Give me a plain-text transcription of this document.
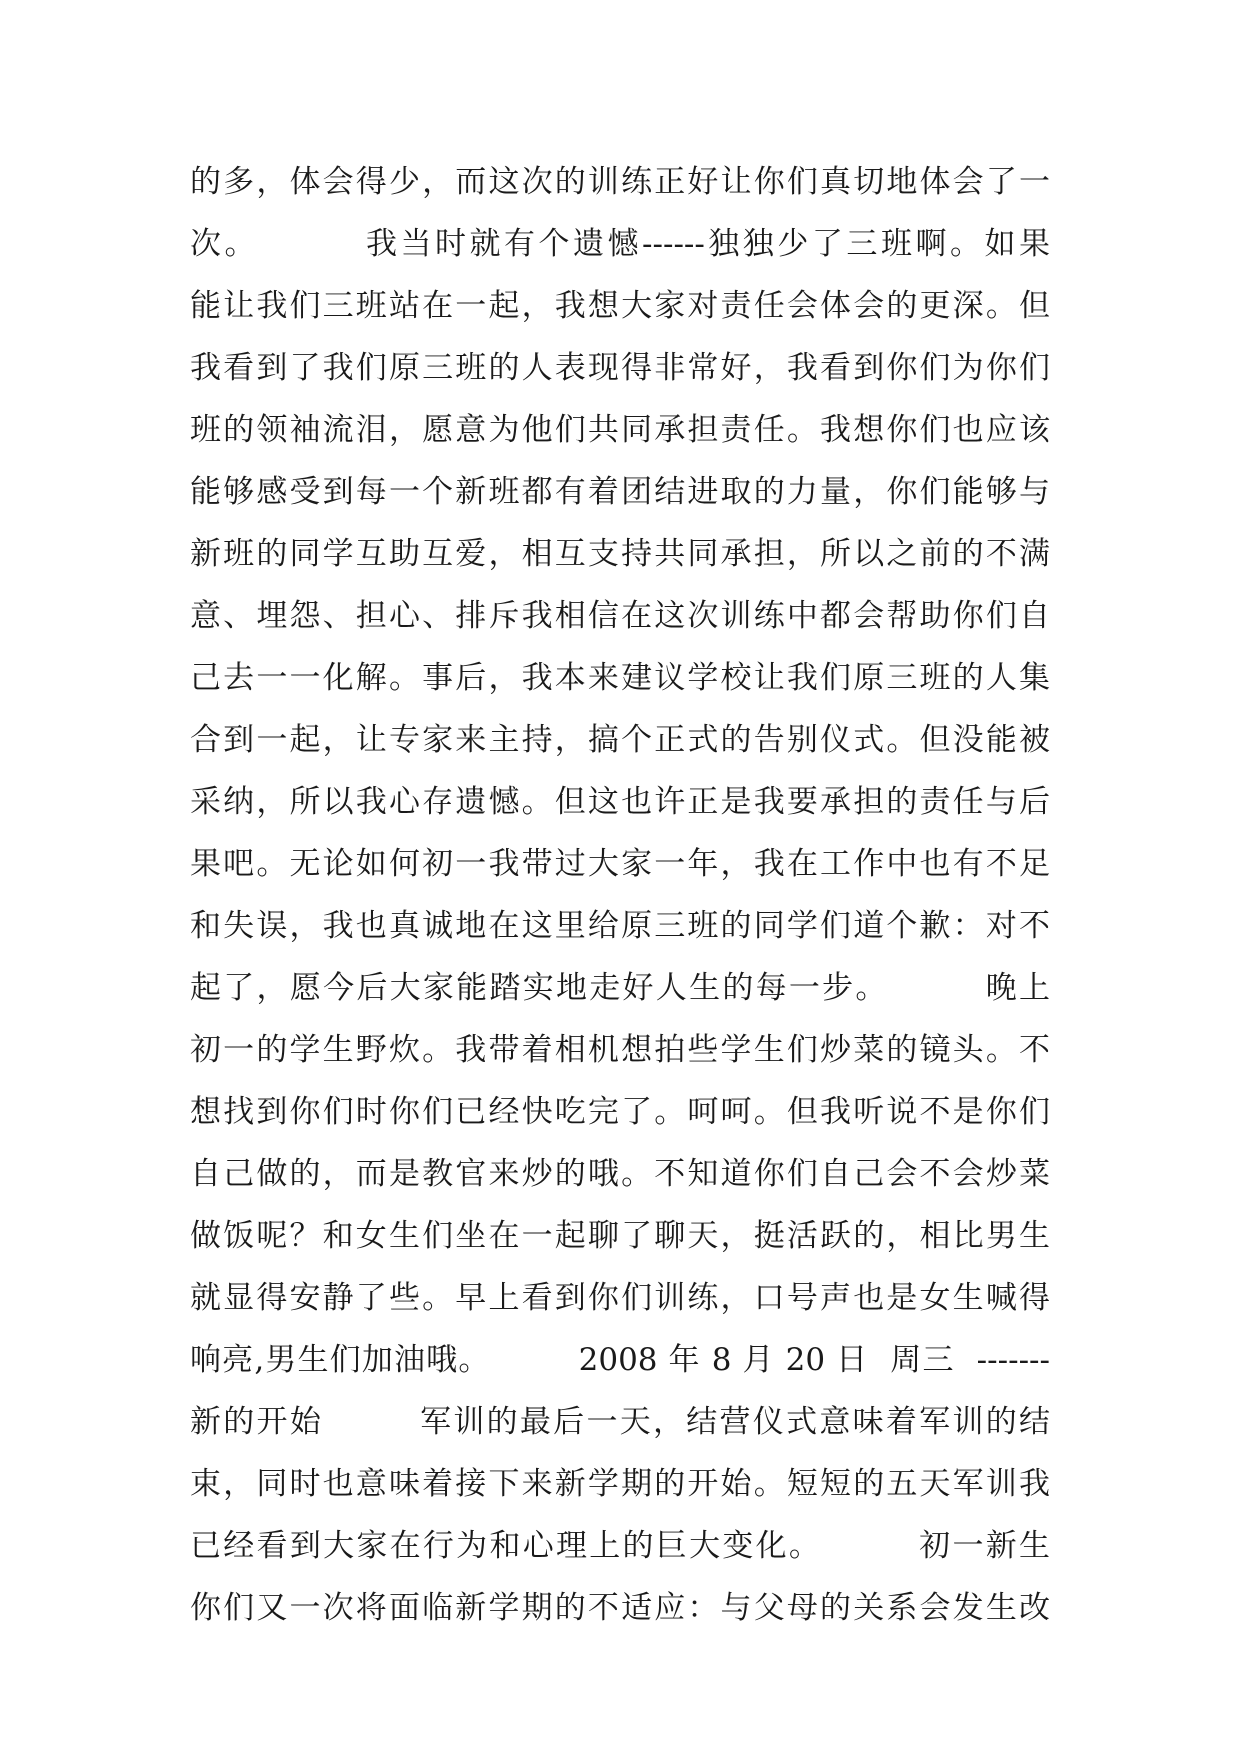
的多，体会得少，而这次的训练正好让你们真切地体会了一
次。        我当时就有个遗憾------独独少了三班啊。如果
能让我们三班站在一起，我想大家对责任会体会的更深。但
我看到了我们原三班的人表现得非常好，我看到你们为你们
班的领袖流泪，愿意为他们共同承担责任。我想你们也应该
能够感受到每一个新班都有着团结进取的力量，你们能够与
新班的同学互助互爱，相互支持共同承担，所以之前的不满
意、埋怨、担心、排斥我相信在这次训练中都会帮助你们自
己去一一化解。事后，我本来建议学校让我们原三班的人集
合到一起，让专家来主持，搞个正式的告别仪式。但没能被
采纳，所以我心存遗憾。但这也许正是我要承担的责任与后
果吧。无论如何初一我带过大家一年，我在工作中也有不足
和失误，我也真诚地在这里给原三班的同学们道个歉：对不
起了，愿今后大家能踏实地走好人生的每一步。        晚上
初一的学生野炊。我带着相机想拍些学生们炒菜的镜头。不
想找到你们时你们已经快吃完了。呵呵。但我听说不是你们
自己做的，而是教官来炒的哦。不知道你们自己会不会炒菜
做饭呢？和女生们坐在一起聊了聊天，挺活跃的，相比男生
就显得安静了些。早上看到你们训练，口号声也是女生喊得
响亮,男生们加油哦。        2008 年 8 月 20 日  周三  -------
新的开始        军训的最后一天，结营仪式意味着军训的结
束，同时也意味着接下来新学期的开始。短短的五天军训我
已经看到大家在行为和心理上的巨大变化。        初一新生
你们又一次将面临新学期的不适应：与父母的关系会发生改
